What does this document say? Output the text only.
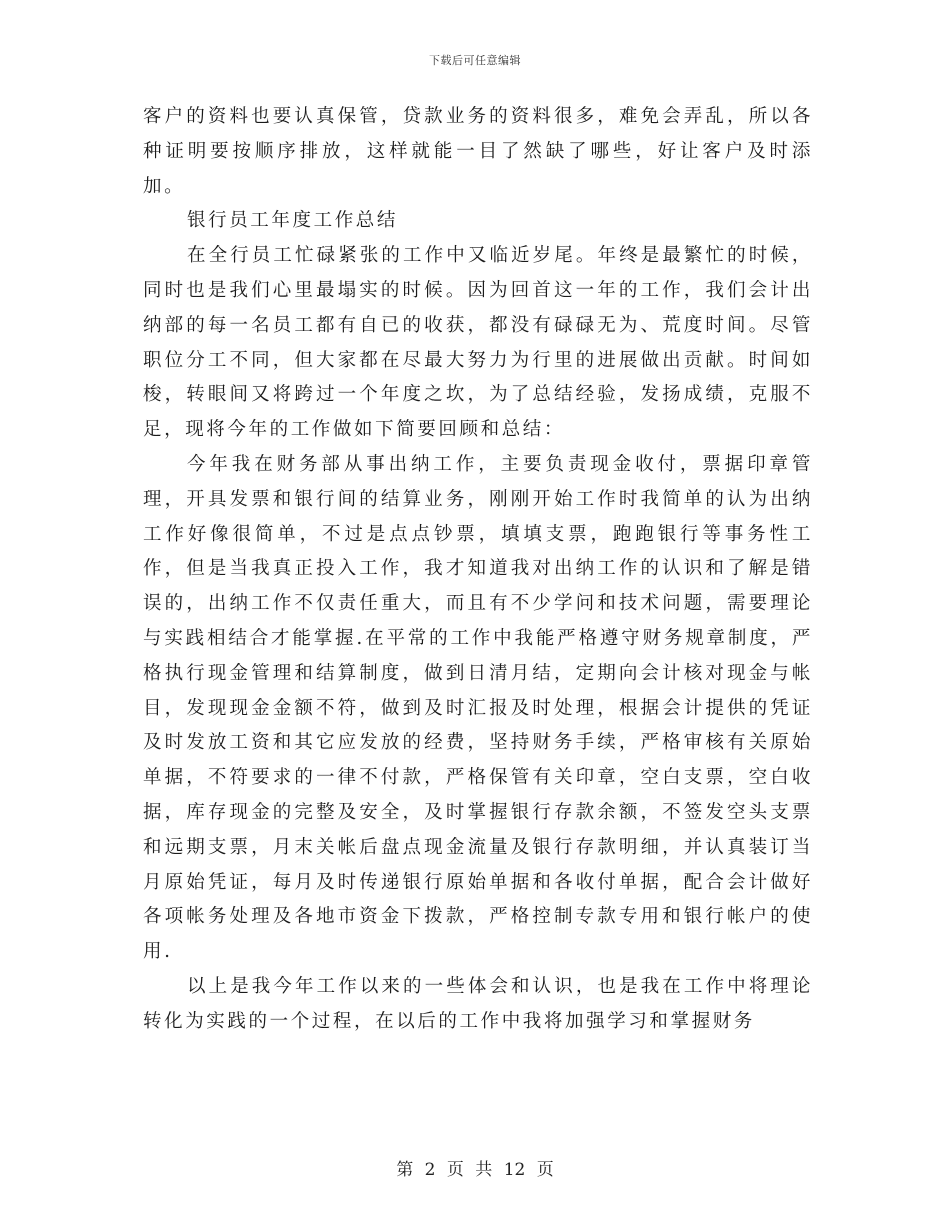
下载后可任意编辑

客户的资料也要认真保管，贷款业务的资料很多，难免会弄乱，所以各种证明要按顺序排放，这样就能一目了然缺了哪些，好让客户及时添加。

银行员工年度工作总结

在全行员工忙碌紧张的工作中又临近岁尾。年终是最繁忙的时候，同时也是我们心里最塌实的时候。因为回首这一年的工作，我们会计出纳部的每一名员工都有自已的收获，都没有碌碌无为、荒度时间。尽管职位分工不同，但大家都在尽最大努力为行里的进展做出贡献。时间如梭，转眼间又将跨过一个年度之坎，为了总结经验，发扬成绩，克服不足，现将今年的工作做如下简要回顾和总结：

今年我在财务部从事出纳工作，主要负责现金收付，票据印章管理，开具发票和银行间的结算业务，刚刚开始工作时我简单的认为出纳工作好像很简单，不过是点点钞票，填填支票，跑跑银行等事务性工作，但是当我真正投入工作，我才知道我对出纳工作的认识和了解是错误的，出纳工作不仅责任重大，而且有不少学问和技术问题，需要理论与实践相结合才能掌握.在平常的工作中我能严格遵守财务规章制度，严格执行现金管理和结算制度，做到日清月结，定期向会计核对现金与帐目，发现现金金额不符，做到及时汇报及时处理，根据会计提供的凭证及时发放工资和其它应发放的经费，坚持财务手续，严格审核有关原始单据，不符要求的一律不付款，严格保管有关印章，空白支票，空白收据，库存现金的完整及安全，及时掌握银行存款余额，不签发空头支票和远期支票，月末关帐后盘点现金流量及银行存款明细，并认真装订当月原始凭证，每月及时传递银行原始单据和各收付单据，配合会计做好各项帐务处理及各地市资金下拨款，严格控制专款专用和银行帐户的使用.

以上是我今年工作以来的一些体会和认识，也是我在工作中将理论转化为实践的一个过程，在以后的工作中我将加强学习和掌握财务

第 2 页 共 12 页
